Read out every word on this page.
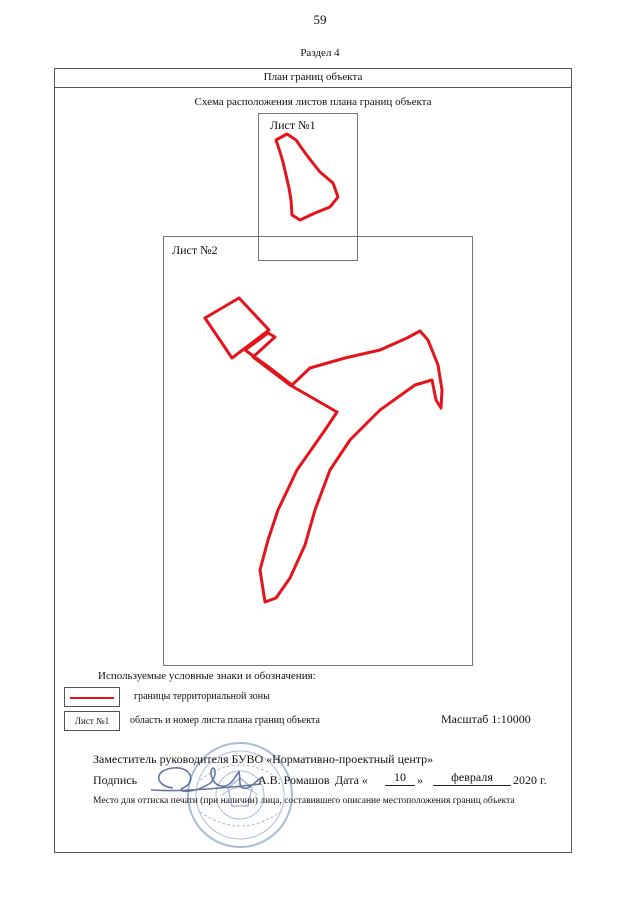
59
Раздел 4
План границ объекта
Схема расположения листов плана границ объекта
Лист №1
Лист №2
Используемые условные знаки и обозначения:
границы территориальной зоны
Лист №1	область и номер листа плана границ объекта	Масштаб 1:10000
Заместитель руководителя БУВО «Нормативно-проектный центр»
Подпись	А.В. Ромашов Дата «	10 »	февраля	2020 г.
Место для оттиска печати (при наличии) лица, составившего описание местоположения границ объекта
